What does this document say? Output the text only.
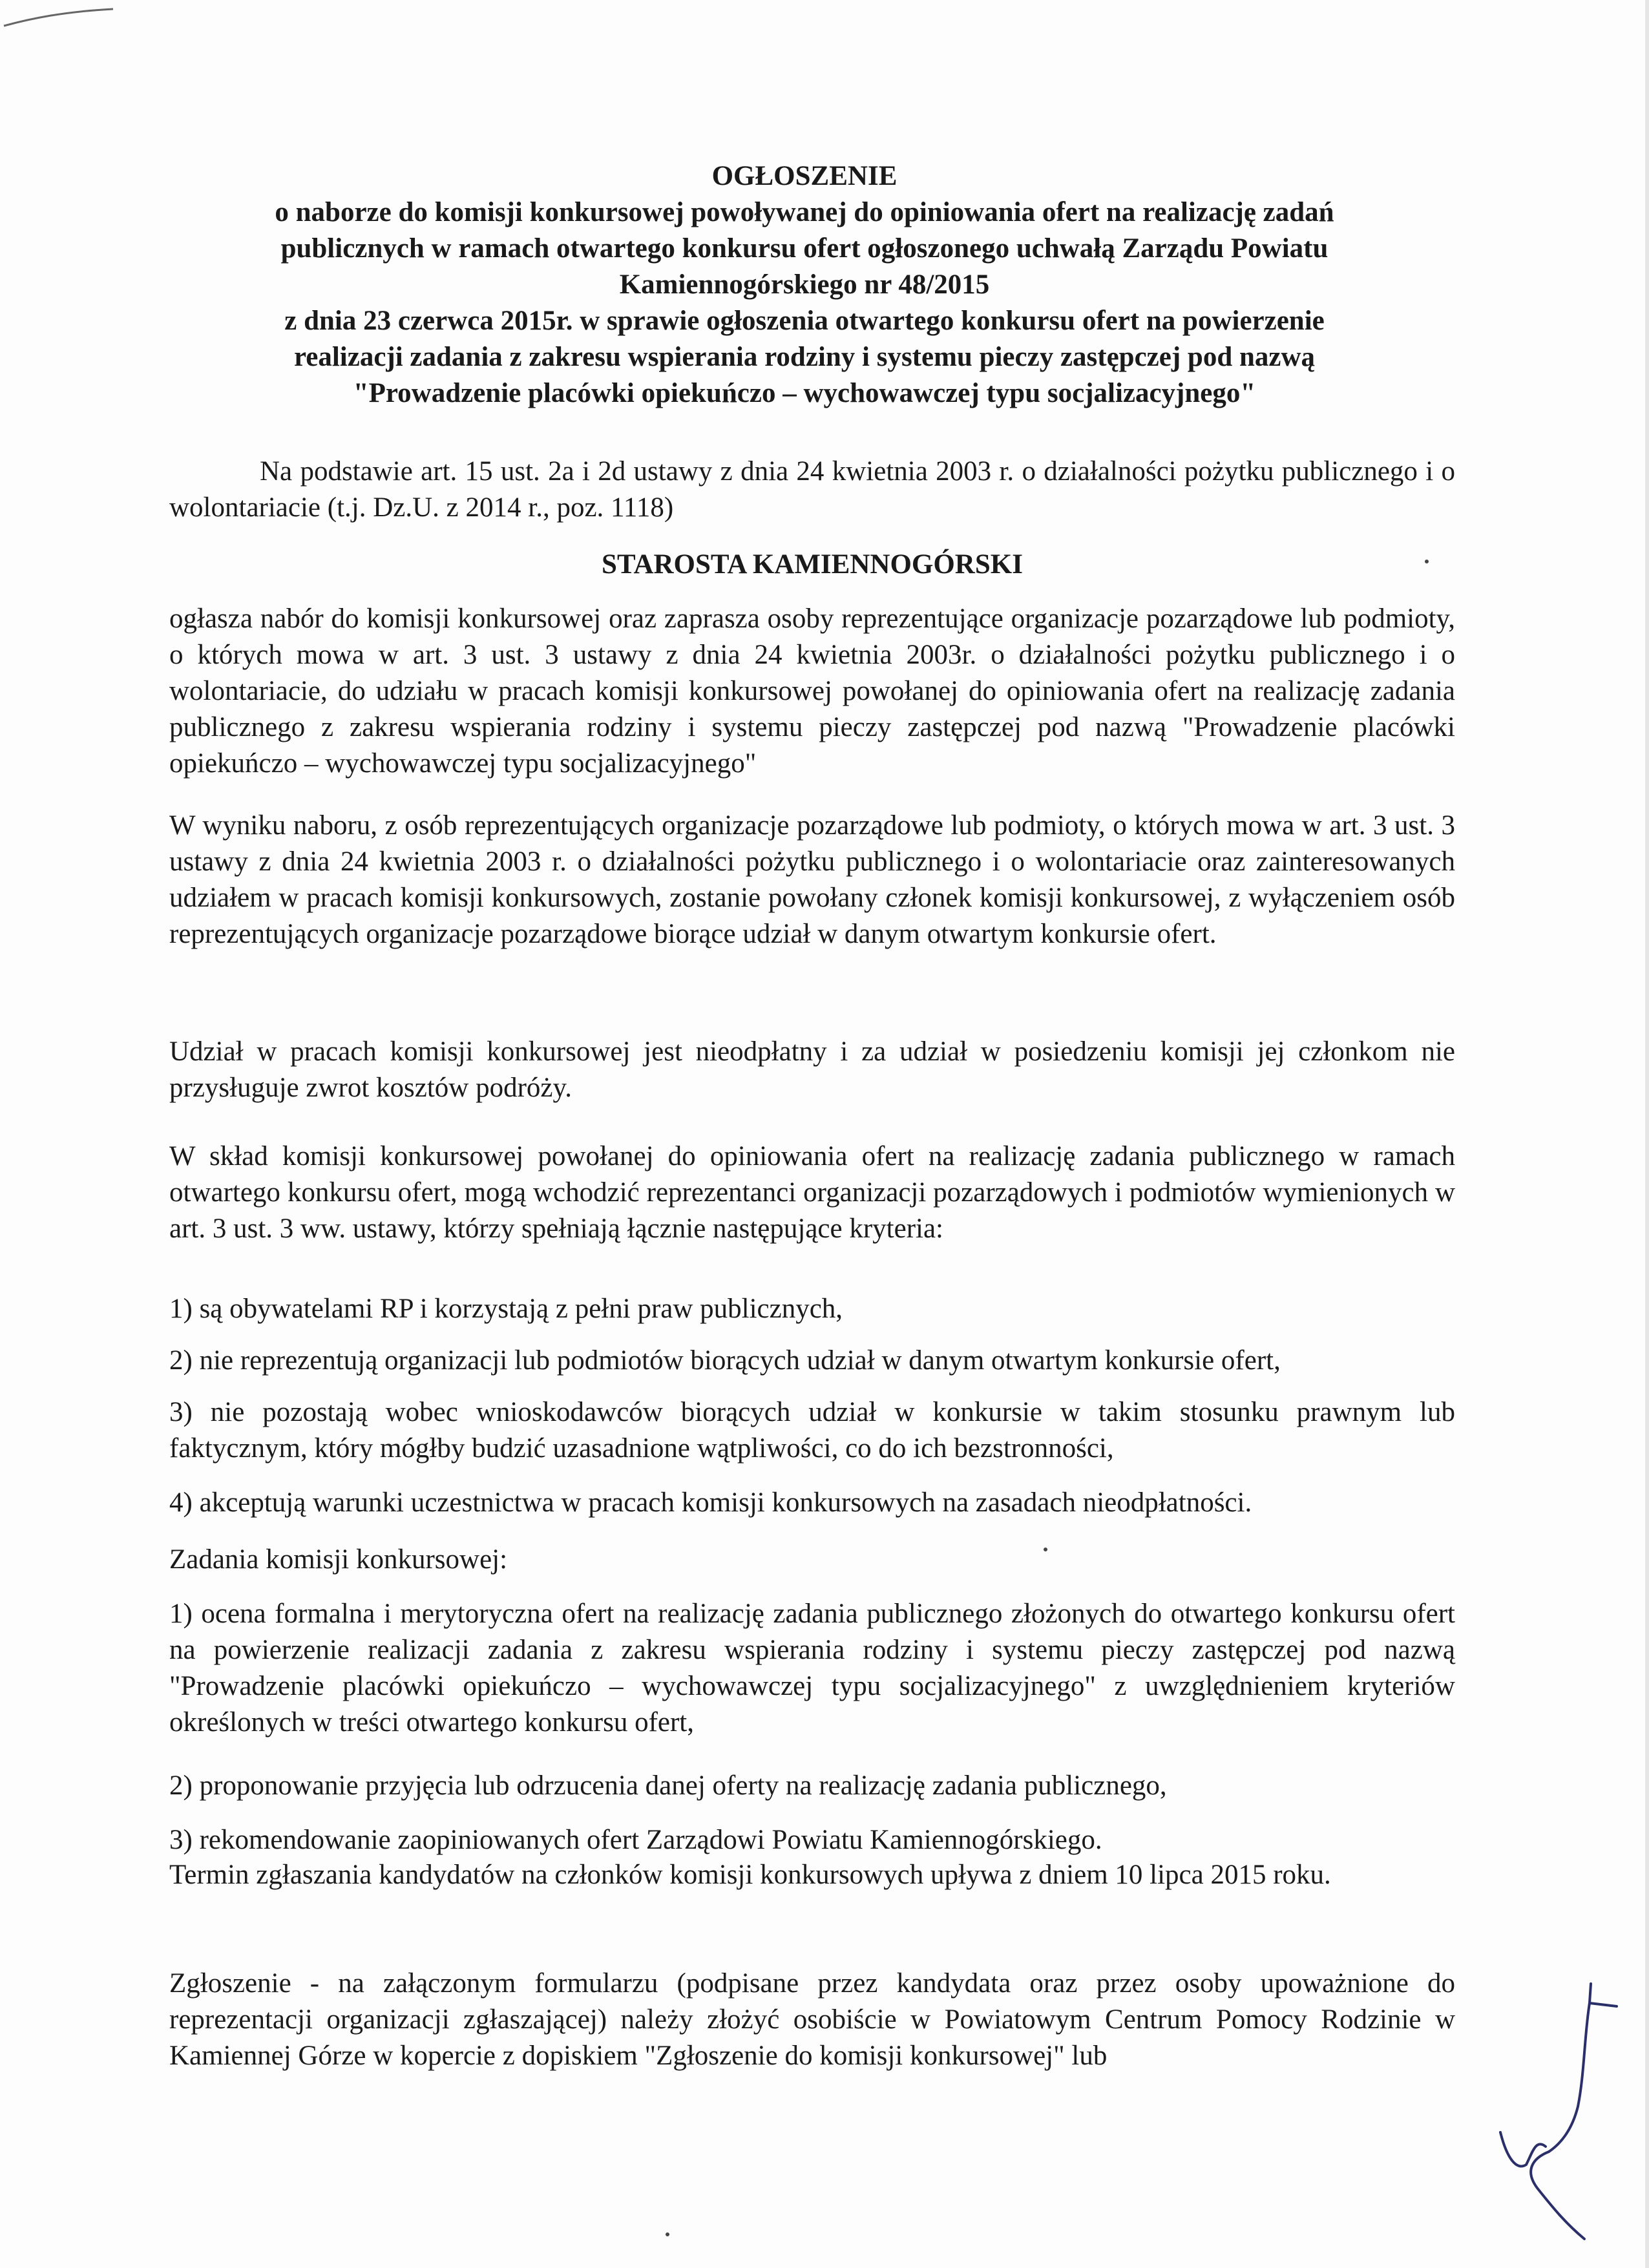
OGŁOSZENIE
o naborze do komisji konkursowej powoływanej do opiniowania ofert na realizację zadań
publicznych w ramach otwartego konkursu ofert ogłoszonego uchwałą Zarządu Powiatu
Kamiennogórskiego nr 48/2015
z dnia 23 czerwca 2015r. w sprawie ogłoszenia otwartego konkursu ofert na powierzenie
realizacji zadania z zakresu wspierania rodziny i systemu pieczy zastępczej pod nazwą
"Prowadzenie placówki opiekuńczo – wychowawczej typu socjalizacyjnego"

Na podstawie art. 15 ust. 2a i 2d ustawy z dnia 24 kwietnia 2003 r. o działalności pożytku publicznego i o wolontariacie (t.j. Dz.U. z 2014 r., poz. 1118)

STAROSTA KAMIENNOGÓRSKI

ogłasza nabór do komisji konkursowej oraz zaprasza osoby reprezentujące organizacje pozarządowe lub podmioty, o których mowa w art. 3 ust. 3 ustawy z dnia 24 kwietnia 2003r. o działalności pożytku publicznego i o wolontariacie, do udziału w pracach komisji konkursowej powołanej do opiniowania ofert na realizację zadania publicznego z zakresu wspierania rodziny i systemu pieczy zastępczej pod nazwą "Prowadzenie placówki opiekuńczo – wychowawczej typu socjalizacyjnego"

W wyniku naboru, z osób reprezentujących organizacje pozarządowe lub podmioty, o których mowa w art. 3 ust. 3 ustawy z dnia 24 kwietnia 2003 r. o działalności pożytku publicznego i o wolontariacie oraz zainteresowanych udziałem w pracach komisji konkursowych, zostanie powołany członek komisji konkursowej, z wyłączeniem osób reprezentujących organizacje pozarządowe biorące udział w danym otwartym konkursie ofert.

Udział w pracach komisji konkursowej jest nieodpłatny i za udział w posiedzeniu komisji jej członkom nie przysługuje zwrot kosztów podróży.

W skład komisji konkursowej powołanej do opiniowania ofert na realizację zadania publicznego w ramach otwartego konkursu ofert, mogą wchodzić reprezentanci organizacji pozarządowych i podmiotów wymienionych w art. 3 ust. 3 ww. ustawy, którzy spełniają łącznie następujące kryteria:

1) są obywatelami RP i korzystają z pełni praw publicznych,

2) nie reprezentują organizacji lub podmiotów biorących udział w danym otwartym konkursie ofert,

3) nie pozostają wobec wnioskodawców biorących udział w konkursie w takim stosunku prawnym lub faktycznym, który mógłby budzić uzasadnione wątpliwości, co do ich bezstronności,

4) akceptują warunki uczestnictwa w pracach komisji konkursowych na zasadach nieodpłatności.

Zadania komisji konkursowej:

1) ocena formalna i merytoryczna ofert na realizację zadania publicznego złożonych do otwartego konkursu ofert na powierzenie realizacji zadania z zakresu wspierania rodziny i systemu pieczy zastępczej pod nazwą "Prowadzenie placówki opiekuńczo – wychowawczej typu socjalizacyjnego" z uwzględnieniem kryteriów określonych w treści otwartego konkursu ofert,

2) proponowanie przyjęcia lub odrzucenia danej oferty na realizację zadania publicznego,

3) rekomendowanie zaopiniowanych ofert Zarządowi Powiatu Kamiennogórskiego.

Termin zgłaszania kandydatów na członków komisji konkursowych upływa z dniem 10 lipca 2015 roku.

Zgłoszenie - na załączonym formularzu (podpisane przez kandydata oraz przez osoby upoważnione do reprezentacji organizacji zgłaszającej) należy złożyć osobiście w Powiatowym Centrum Pomocy Rodzinie w Kamiennej Górze w kopercie z dopiskiem "Zgłoszenie do komisji konkursowej" lub
